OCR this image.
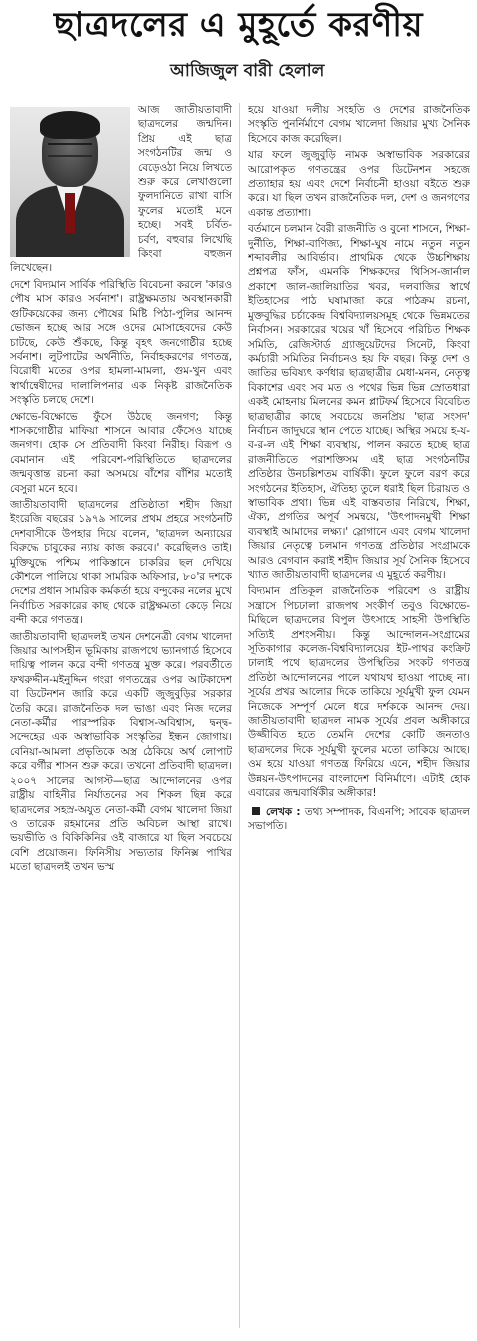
ছাত্রদলের এ মুহূর্তে করণীয়
আজিজুল বারী হেলাল

আজ জাতীয়তাবাদী ছাত্রদলের জন্মদিন। প্রিয় এই ছাত্র সংগঠনটির জন্ম ও বেড়েওঠা নিয়ে লিখতে শুরু করে লেখাগুলো ফুলদানিতে রাখা বাসি ফুলের মতোই মনে হচ্ছে। সবই চর্বিত-চর্বণ, বহুবার লিখেছি কিংবা বহুজন লিখেছেন।

দেশে বিদ্যমান সার্বিক পরিস্থিতি বিবেচনা করলে 'কারও পৌষ মাস কারও সর্বনাশ'। রাষ্ট্রক্ষমতায় অবস্থানকারী গুটিকয়েকের জন্য পৌষের মিষ্টি পিঠা-পুলির আনন্দ ভোজন হচ্ছে আর সঙ্গে ওদের মোসাহেবদের কেউ চাটছে, কেউ শুঁকছে, কিন্তু বৃহৎ জনগোষ্ঠীর হচ্ছে সর্বনাশ। লুটপাটের অর্থনীতি, নির্বাহকরণের গণতন্ত্র, বিরোধী মতের ওপর হামলা-মামলা, গুম-খুন এবং স্বার্থান্বেষীদের দালালিপনার এক নিকৃষ্ট রাজনৈতিক সংস্কৃতি চলছে দেশে।

ক্ষোভে-বিক্ষোভে ফুঁসে উঠছে জনগণ; কিন্তু শাসকগোষ্ঠীর মাফিয়া শাসনে আবার ফেঁসেও যাচ্ছে জনগণ। হোক সে প্রতিবাদী কিংবা নিরীহ। বিরূপ ও বেমানান এই পরিবেশ-পরিস্থিতিতে ছাত্রদলের জন্মবৃত্তান্ত রচনা করা অসময়ে বাঁশের বাঁশির মতোই বেসুরা মনে হবে।

জাতীয়তাবাদী ছাত্রদলের প্রতিষ্ঠাতা শহীদ জিয়া ইংরেজি বছরের ১৯৭৯ সালের প্রথম প্রহরে সংগঠনটি দেশবাসীকে উপহার দিয়ে বলেন, 'ছাত্রদল অন্যায়ের বিরুদ্ধে চাবুকের ন্যায় কাজ করবে।' করেছিলও তাই। মুক্তিযুদ্ধে পশ্চিম পাকিস্তানে চাকরির ছল দেখিয়ে কৌশলে পালিয়ে থাকা সামরিক অফিসার, ৮০'র দশকে দেশের প্রধান সামরিক কর্মকর্তা হয়ে বন্দুকের নলের মুখে নির্বাচিত সরকারের কাছ থেকে রাষ্ট্রক্ষমতা কেড়ে নিয়ে বন্দী করে গণতন্ত্র।

জাতীয়তাবাদী ছাত্রদলই তখন দেশনেত্রী বেগম খালেদা জিয়ার আপসহীন ভূমিকায় রাজপথে ভ্যানগার্ড হিসেবে দায়িত্ব পালন করে বন্দী গণতন্ত্র মুক্ত করে। পরবর্তীতে ফখরুদ্দীন-মইনুদ্দিন গংরা গণতন্ত্রের ওপর আটকাদেশ বা ডিটেনশন জারি করে একটি জুজুবুড়ির সরকার তৈরি করে। রাজনৈতিক দল ভাঙা এবং নিজ দলের নেতা-কর্মীর পারস্পরিক বিশ্বাস-অবিশ্বাস, দ্বন্দ্ব-সন্দেহের এক অস্বাভাবিক সংস্কৃতির ইন্ধন জোগায়। বেনিয়া-আমলা প্রভৃতিকে অস্ত্র ঠেকিয়ে অর্থ লোপাট করে বর্গীর শাসন শুরু করে। তখনো প্রতিবাদী ছাত্রদল। ২০০৭ সালের আগস্ট—ছাত্র আন্দোলনের ওপর রাষ্ট্রীয় বাহিনীর নির্যাতনের সব শিকল ছিন্ন করে ছাত্রদলের সহস্র-অযুত নেতা-কর্মী বেগম খালেদা জিয়া ও তারেক রহমানের প্রতি অবিচল আস্থা রাখে। ভয়ভীতি ও বিকিকিনির ওই বাজারে যা ছিল সবচেয়ে বেশি প্রয়োজন। ফিনিসীয় সভ্যতার ফিনিক্স পাখির মতো ছাত্রদলই তখন ভস্ম

হয়ে যাওয়া দলীয় সংহতি ও দেশের রাজনৈতিক সংস্কৃতি পুনর্নির্মাণে বেগম খালেদা জিয়ার মুখ্য সৈনিক হিসেবে কাজ করেছিল।

যার ফলে জুজুবুড়ি নামক অস্বাভাবিক সরকারের আরোপকৃত গণতন্ত্রের ওপর ডিটেনশন সহজে প্রত্যাহার হয় এবং দেশে নির্বাচনী হাওয়া বইতে শুরু করে। যা ছিল তখন রাজনৈতিক দল, দেশ ও জনগণের একান্ত প্রত্যাশা।

বর্তমানে চলমান বৈরী রাজনীতি ও বুনো শাসনে, শিক্ষা-দুর্নীতি, শিক্ষা-বাণিজ্য, শিক্ষা-ঘুষ নামে নতুন নতুন শব্দাবলীর আবির্ভাব। প্রাথমিক থেকে উচ্চশিক্ষায় প্রশ্নপত্র ফাঁস, এমনকি শিক্ষকদের থিসিস-জার্নাল প্রকাশে জাল-জালিয়াতির খবর, দলবাজির স্বার্থে ইতিহাসের পাঠ ঘষামাজা করে পাঠক্রম রচনা, মুক্তবুদ্ধির চর্চাকেন্দ্র বিশ্ববিদ্যালয়সমূহ থেকে ভিন্নমতের নির্বাসন। সরকারের খয়ের খাঁ হিসেবে পরিচিত শিক্ষক সমিতি, রেজিস্টার্ড গ্র্যাজুয়েটদের সিনেট, কিংবা কর্মচারী সমিতির নির্বাচনও হয় ফি বছর। কিন্তু দেশ ও জাতির ভবিষ্যৎ কর্ণধার ছাত্রছাত্রীর মেধা-মনন, নেতৃত্ব বিকাশের এবং সব মত ও পথের ভিন্ন ভিন্ন স্রোতধারা একই মোহনায় মিলনের কমন প্লাটফর্ম হিসেবে বিবেচিত ছাত্রছাত্রীর কাছে সবচেয়ে জনপ্রিয় 'ছাত্র সংসদ' নির্বাচন জাদুঘরে স্থান পেতে যাচ্ছে। অস্থির সময়ে হ-য-ব-র-ল এই শিক্ষা ব্যবস্থায়, পালন করতে হচ্ছে ছাত্র রাজনীতিতে পরাশক্তিসম এই ছাত্র সংগঠনটির প্রতিষ্ঠার উনচল্লিশতম বার্ষিকী। ফুলে ফুলে বরণ করে সংগঠনের ইতিহাস, ঐতিহ্য তুলে ধরাই ছিল চিরায়ত ও স্বাভাবিক প্রথা। ভিন্ন এই বাস্তবতার নিরিখে, শিক্ষা, ঐক্য, প্রগতির অপূর্ব সমন্বয়ে, 'উৎপাদনমুখী শিক্ষা ব্যবস্থাই আমাদের লক্ষ্য।' স্লোগানে এবং বেগম খালেদা জিয়ার নেতৃত্বে চলমান গণতন্ত্র প্রতিষ্ঠার সংগ্রামকে আরও বেগবান করাই শহীদ জিয়ার সূর্য সৈনিক হিসেবে খ্যাত জাতীয়তাবাদী ছাত্রদলের এ মুহূর্তে করণীয়।

বিদ্যমান প্রতিকূল রাজনৈতিক পরিবেশ ও রাষ্ট্রীয় সন্ত্রাসে পিচঢালা রাজপথ সংকীর্ণ তবুও বিক্ষোভে-মিছিলে ছাত্রদলের বিপুল উৎসাহে সাহসী উপস্থিতি সত্যিই প্রশংসনীয়। কিন্তু আন্দোলন-সংগ্রামের সূতিকাগার কলেজ-বিশ্ববিদ্যালয়ের ইট-পাথর কংক্রিট ঢালাই পথে ছাত্রদলের উপস্থিতির সংকট গণতন্ত্র প্রতিষ্ঠা আন্দোলনের পালে যথাযথ হাওয়া পাচ্ছে না। সূর্যের প্রখর আলোর দিকে তাকিয়ে সূর্যমুখী ফুল যেমন নিজেকে সম্পূর্ণ মেলে ধরে দর্শককে আনন্দ দেয়। জাতীয়তাবাদী ছাত্রদল নামক সূর্যের প্রবল অঙ্গীকারে উজ্জীবিত হতে তেমনি দেশের কোটি জনতাও ছাত্রদলের দিকে সূর্যমুখী ফুলের মতো তাকিয়ে আছে। ওম হয়ে যাওয়া গণতন্ত্র ফিরিয়ে এনে, শহীদ জিয়ার উন্নয়ন-উৎপাদনের বাংলাদেশ বিনির্মাণে। এটাই হোক এবারের জন্মবার্ষিকীর অঙ্গীকার!

লেখক : তথ্য সম্পাদক, বিএনপি; সাবেক ছাত্রদল সভাপতি।
